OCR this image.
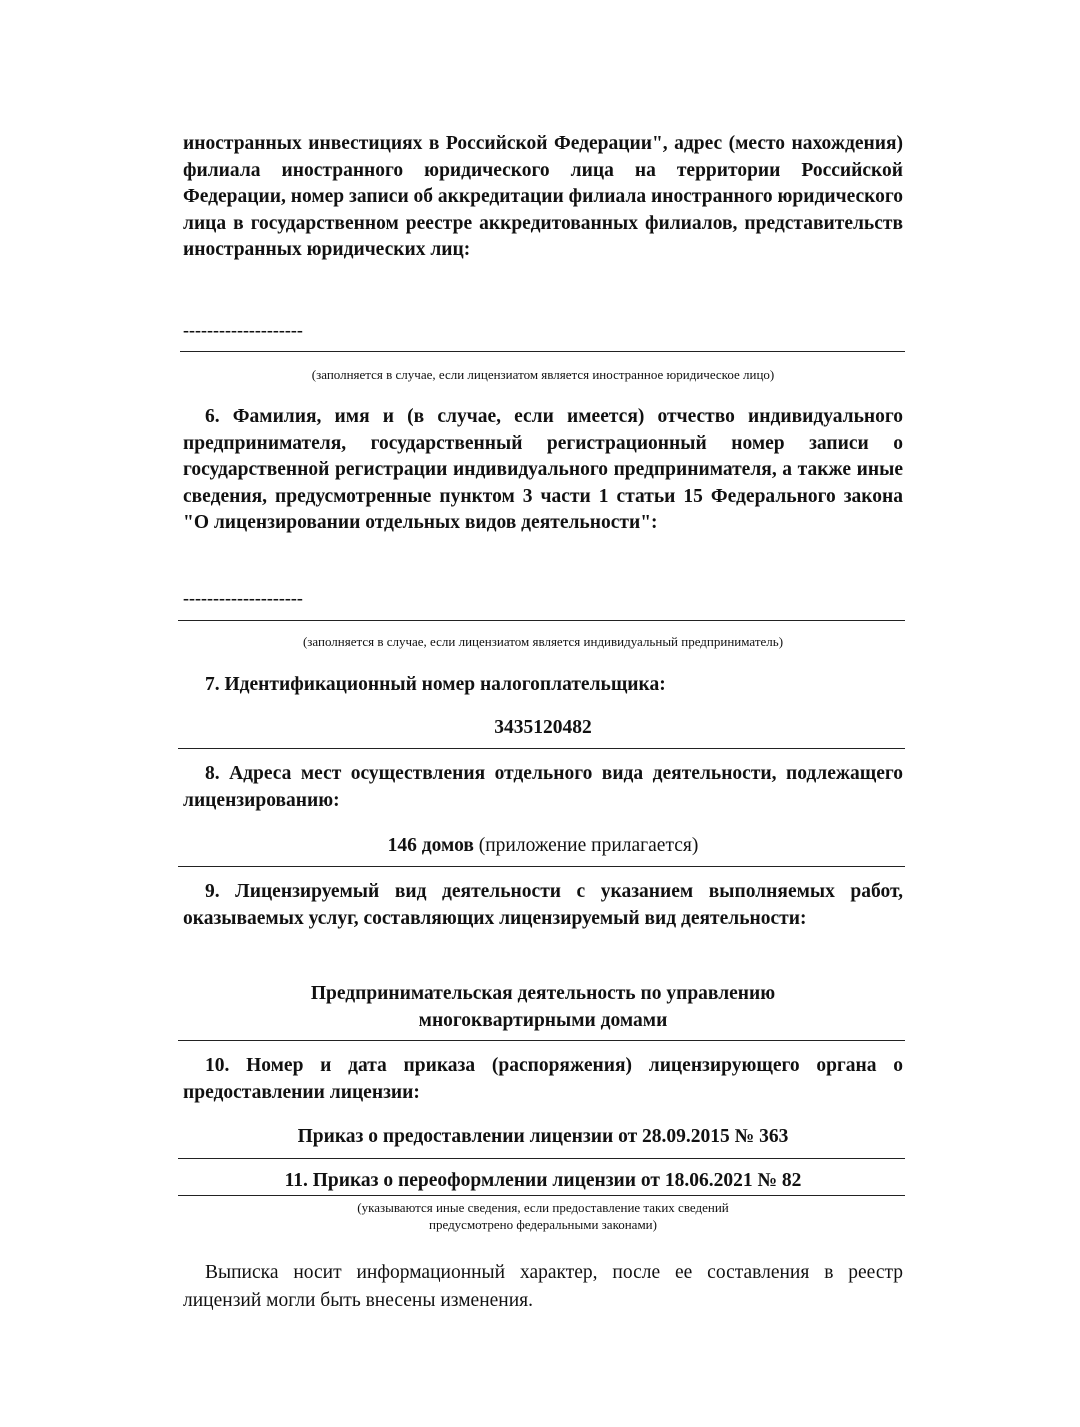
иностранных инвестициях в Российской Федерации", адрес (место нахождения) филиала иностранного юридического лица на территории Российской Федерации, номер записи об аккредитации филиала иностранного юридического лица в государственном реестре аккредитованных филиалов, представительств иностранных юридических лиц:
--------------------
(заполняется в случае, если лицензиатом является иностранное юридическое лицо)
6. Фамилия, имя и (в случае, если имеется) отчество индивидуального предпринимателя, государственный регистрационный номер записи о государственной регистрации индивидуального предпринимателя, а также иные сведения, предусмотренные пунктом 3 части 1 статьи 15 Федерального закона "О лицензировании отдельных видов деятельности":
--------------------
(заполняется в случае, если лицензиатом является индивидуальный предприниматель)
7. Идентификационный номер налогоплательщика:
3435120482
8. Адреса мест осуществления отдельного вида деятельности, подлежащего лицензированию:
146 домов (приложение прилагается)
9. Лицензируемый вид деятельности с указанием выполняемых работ, оказываемых услуг, составляющих лицензируемый вид деятельности:
Предпринимательская деятельность по управлению
многоквартирными домами
10. Номер и дата приказа (распоряжения) лицензирующего органа о предоставлении лицензии:
Приказ о предоставлении лицензии от 28.09.2015 № 363
11. Приказ о переоформлении лицензии от 18.06.2021 № 82
(указываются иные сведения, если предоставление таких сведений
предусмотрено федеральными законами)
Выписка носит информационный характер, после ее составления в реестр лицензий могли быть внесены изменения.
